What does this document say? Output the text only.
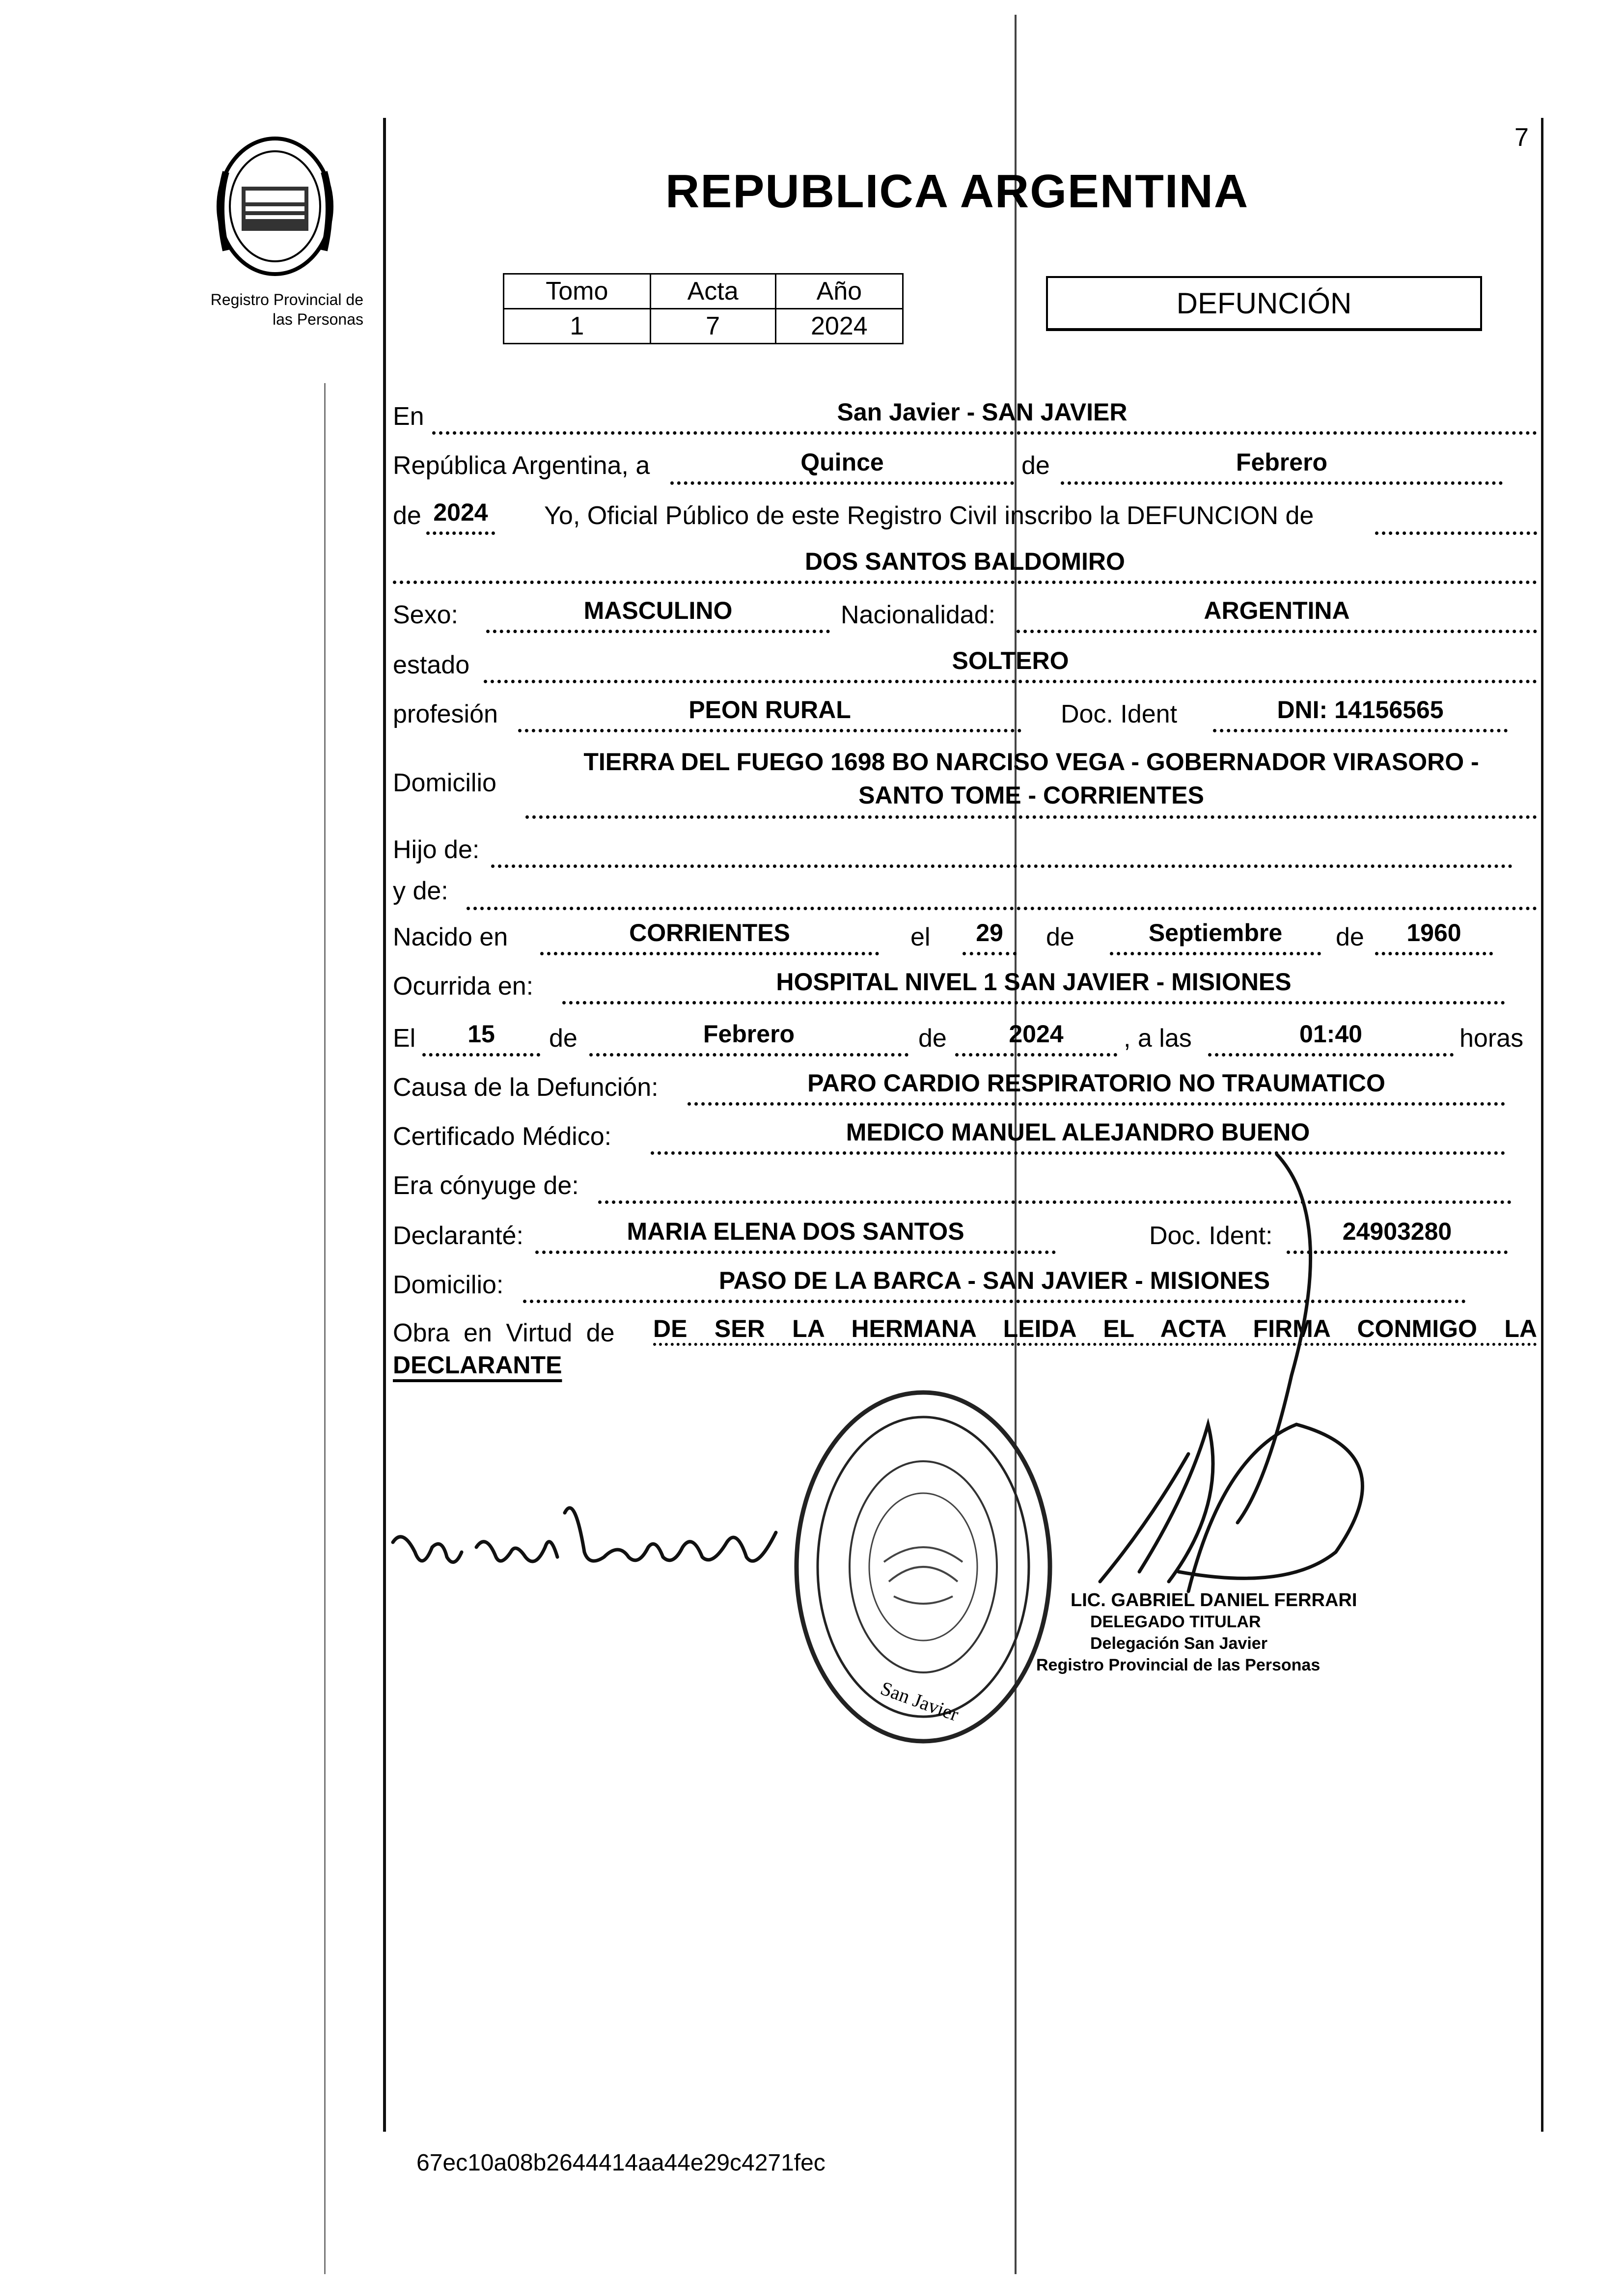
7
Registro Provincial de
las Personas
REPUBLICA ARGENTINA
Tomo	Acta	Año
1	7	2024
DEFUNCIÓN
En	San Javier - SAN JAVIER
República Argentina, a	Quince	de	Febrero
de 2024 Yo, Oficial Público de este Registro Civil inscribo la DEFUNCION de
DOS SANTOS BALDOMIRO
Sexo:	MASCULINO	Nacionalidad:	ARGENTINA
estado	SOLTERO
profesión	PEON RURAL	Doc. Ident	DNI: 14156565
Domicilio
TIERRA DEL FUEGO 1698 BO NARCISO VEGA - GOBERNADOR VIRASORO -
SANTO TOME - CORRIENTES
Hijo de:
y de:
Nacido en	CORRIENTES	el	29	de	Septiembre	de	1960
Ocurrida en:	HOSPITAL NIVEL 1 SAN JAVIER - MISIONES
El	15	de	Febrero	de	2024	, a las	01:40	horas
Causa de la Defunción:	PARO CARDIO RESPIRATORIO NO TRAUMATICO
Certificado Médico:	MEDICO MANUEL ALEJANDRO BUENO
Era cónyuge de:
Declaranté:	MARIA ELENA DOS SANTOS	Doc. Ident:	24903280
Domicilio:	PASO DE LA BARCA - SAN JAVIER - MISIONES
Obra en Virtud de DE SER LA HERMANA LEIDA EL ACTA FIRMA CONMIGO LA
DECLARANTE
San Javier
LIC. GABRIEL DANIEL FERRARI
DELEGADO TITULAR
Delegación San Javier
Registro Provincial de las Personas
67ec10a08b2644414aa44e29c4271fec
